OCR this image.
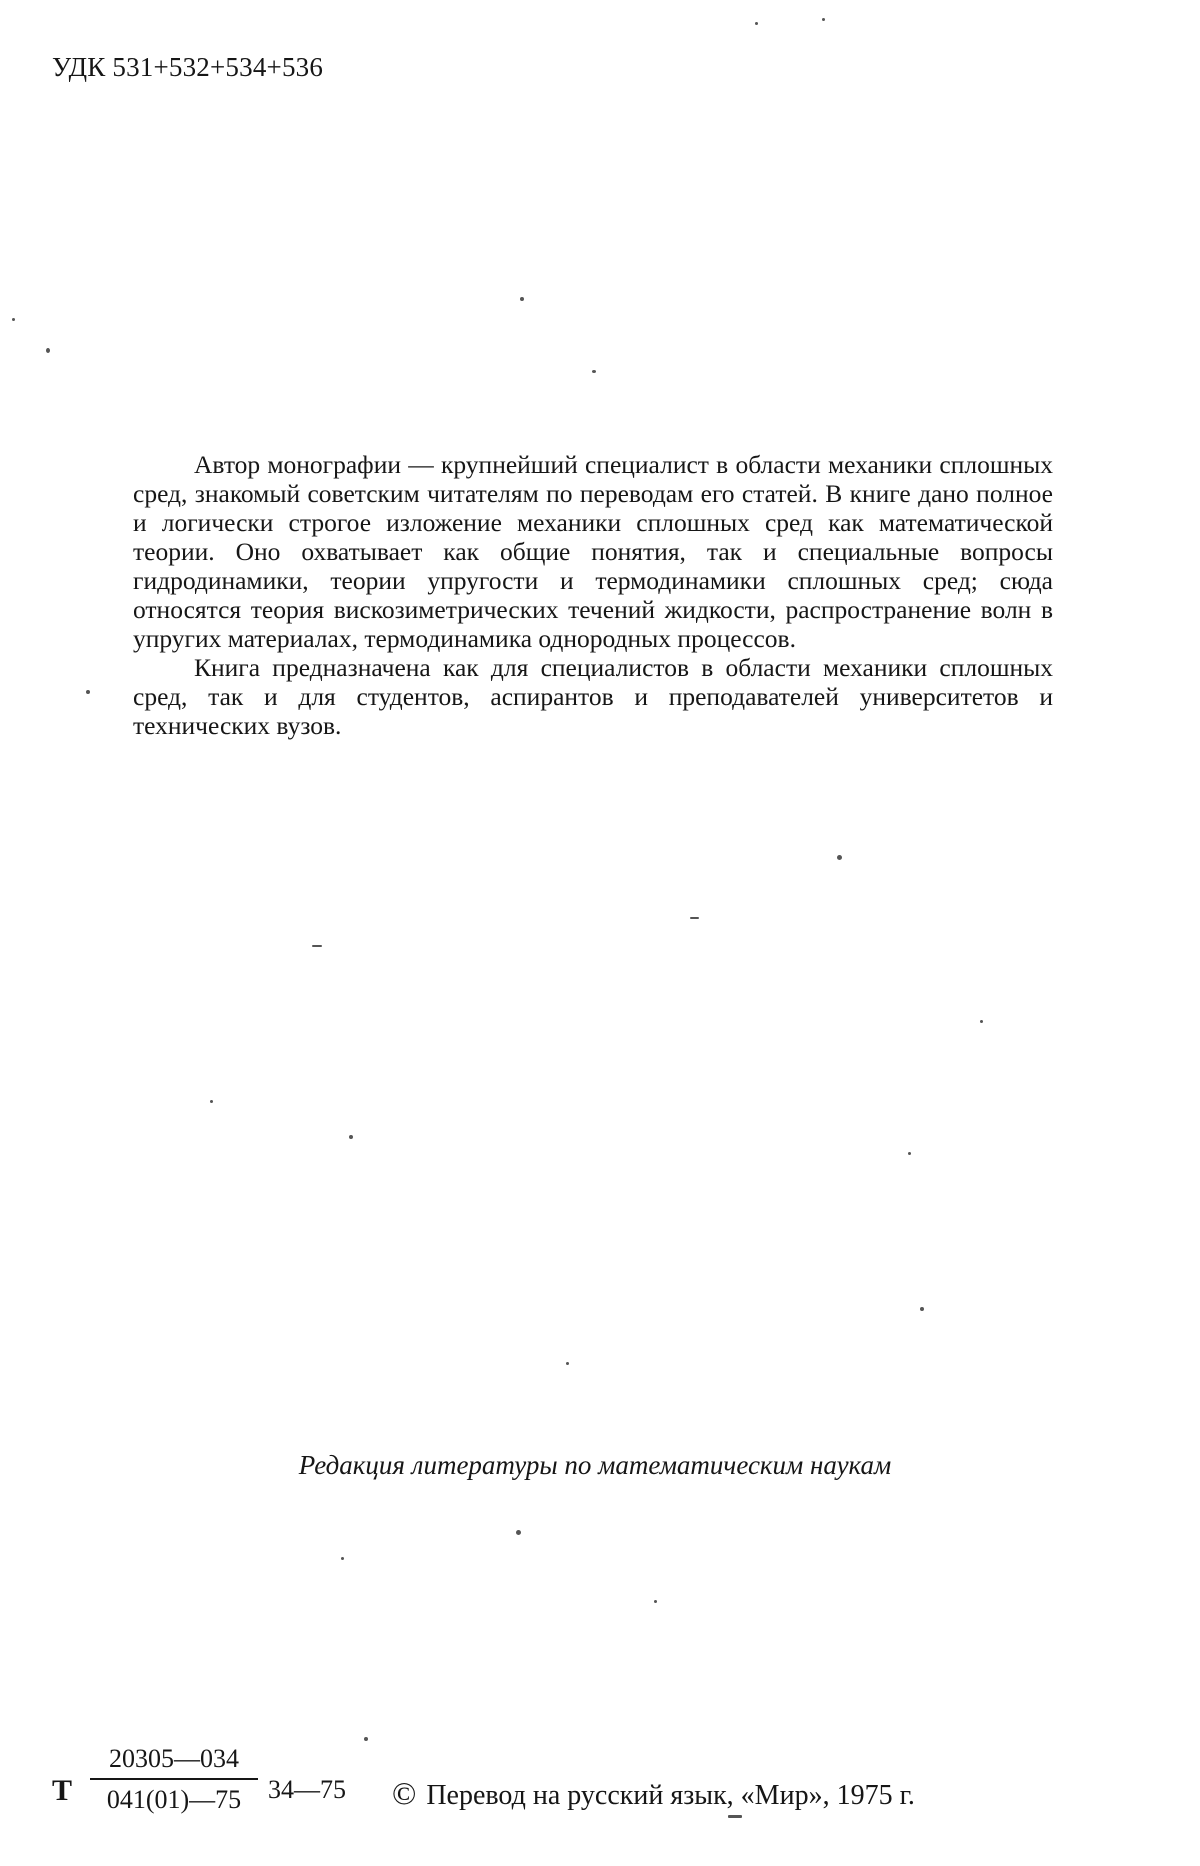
УДК 531+532+534+536

Автор монографии — крупнейший специалист в области механики сплошных сред, знакомый советским читателям по переводам его статей. В книге дано полное и логически строгое изложение механики сплошных сред как математической теории. Оно охватывает как общие понятия, так и специальные вопросы гидродинамики, теории упругости и термодинамики сплошных сред; сюда относятся теория вискозиметрических течений жидкости, распространение волн в упругих материалах, термодинамика однородных процессов.

Книга предназначена как для специалистов в области механики сплошных сред, так и для студентов, аспирантов и преподавателей университетов и технических вузов.

Редакция литературы по математическим наукам
Т
20305—034
041(01)—75	34—75 © Перевод на русский язык, «Мир», 1975 г.
